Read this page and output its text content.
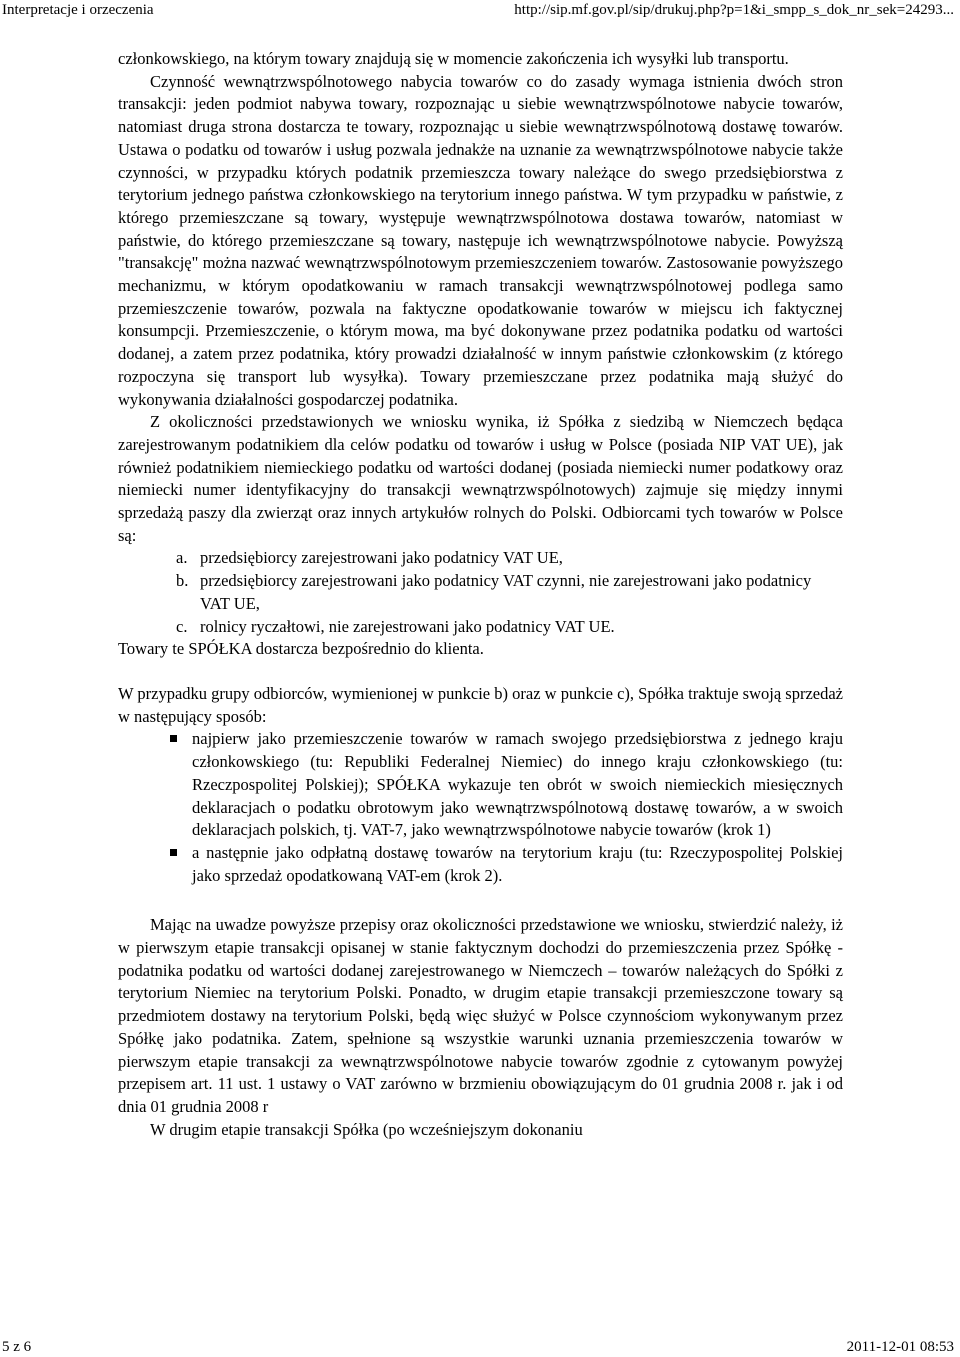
Interpretacje i orzeczenia	http://sip.mf.gov.pl/sip/drukuj.php?p=1&i_smpp_s_dok_nr_sek=24293...

członkowskiego, na którym towary znajdują się w momencie zakończenia ich wysyłki lub transportu.

Czynność wewnątrzwspólnotowego nabycia towarów co do zasady wymaga istnienia dwóch stron transakcji: jeden podmiot nabywa towary, rozpoznając u siebie wewnątrzwspólnotowe nabycie towarów, natomiast druga strona dostarcza te towary, rozpoznając u siebie wewnątrzwspólnotową dostawę towarów. Ustawa o podatku od towarów i usług pozwala jednakże na uznanie za wewnątrzwspólnotowe nabycie także czynności, w przypadku których podatnik przemieszcza towary należące do swego przedsiębiorstwa z terytorium jednego państwa członkowskiego na terytorium innego państwa. W tym przypadku w państwie, z którego przemieszczane są towary, występuje wewnątrzwspólnotowa dostawa towarów, natomiast w państwie, do którego przemieszczane są towary, następuje ich wewnątrzwspólnotowe nabycie. Powyższą "transakcję" można nazwać wewnątrzwspólnotowym przemieszczeniem towarów. Zastosowanie powyższego mechanizmu, w którym opodatkowaniu w ramach transakcji wewnątrzwspólnotowej podlega samo przemieszczenie towarów, pozwala na faktyczne opodatkowanie towarów w miejscu ich faktycznej konsumpcji. Przemieszczenie, o którym mowa, ma być dokonywane przez podatnika podatku od wartości dodanej, a zatem przez podatnika, który prowadzi działalność w innym państwie członkowskim (z którego rozpoczyna się transport lub wysyłka). Towary przemieszczane przez podatnika mają służyć do wykonywania działalności gospodarczej podatnika.

Z okoliczności przedstawionych we wniosku wynika, iż Spółka z siedzibą w Niemczech będąca zarejestrowanym podatnikiem dla celów podatku od towarów i usług w Polsce (posiada NIP VAT UE), jak również podatnikiem niemieckiego podatku od wartości dodanej (posiada niemiecki numer podatkowy oraz niemiecki numer identyfikacyjny do transakcji wewnątrzwspólnotowych) zajmuje się między innymi sprzedażą paszy dla zwierząt oraz innych artykułów rolnych do Polski. Odbiorcami tych towarów w Polsce są:

a. przedsiębiorcy zarejestrowani jako podatnicy VAT UE,
b. przedsiębiorcy zarejestrowani jako podatnicy VAT czynni, nie zarejestrowani jako podatnicy VAT UE,
c. rolnicy ryczałtowi, nie zarejestrowani jako podatnicy VAT UE.

Towary te SPÓŁKA dostarcza bezpośrednio do klienta.

W przypadku grupy odbiorców, wymienionej w punkcie b) oraz w punkcie c), Spółka traktuje swoją sprzedaż w następujący sposób:

najpierw jako przemieszczenie towarów w ramach swojego przedsiębiorstwa z jednego kraju członkowskiego (tu: Republiki Federalnej Niemiec) do innego kraju członkowskiego (tu: Rzeczpospolitej Polskiej); SPÓŁKA wykazuje ten obrót w swoich niemieckich miesięcznych deklaracjach o podatku obrotowym jako wewnątrzwspólnotową dostawę towarów, a w swoich deklaracjach polskich, tj. VAT-7, jako wewnątrzwspólnotowe nabycie towarów (krok 1)
a następnie jako odpłatną dostawę towarów na terytorium kraju (tu: Rzeczypospolitej Polskiej jako sprzedaż opodatkowaną VAT-em (krok 2).

Mając na uwadze powyższe przepisy oraz okoliczności przedstawione we wniosku, stwierdzić należy, iż w pierwszym etapie transakcji opisanej w stanie faktycznym dochodzi do przemieszczenia przez Spółkę - podatnika podatku od wartości dodanej zarejestrowanego w Niemczech – towarów należących do Spółki z terytorium Niemiec na terytorium Polski. Ponadto, w drugim etapie transakcji przemieszczone towary są przedmiotem dostawy na terytorium Polski, będą więc służyć w Polsce czynnościom wykonywanym przez Spółkę jako podatnika. Zatem, spełnione są wszystkie warunki uznania przemieszczenia towarów w pierwszym etapie transakcji za wewnątrzwspólnotowe nabycie towarów zgodnie z cytowanym powyżej przepisem art. 11 ust. 1 ustawy o VAT zarówno w brzmieniu obowiązującym do 01 grudnia 2008 r. jak i od dnia 01 grudnia 2008 r

W drugim etapie transakcji Spółka (po wcześniejszym dokonaniu

5 z 6	2011-12-01 08:53
